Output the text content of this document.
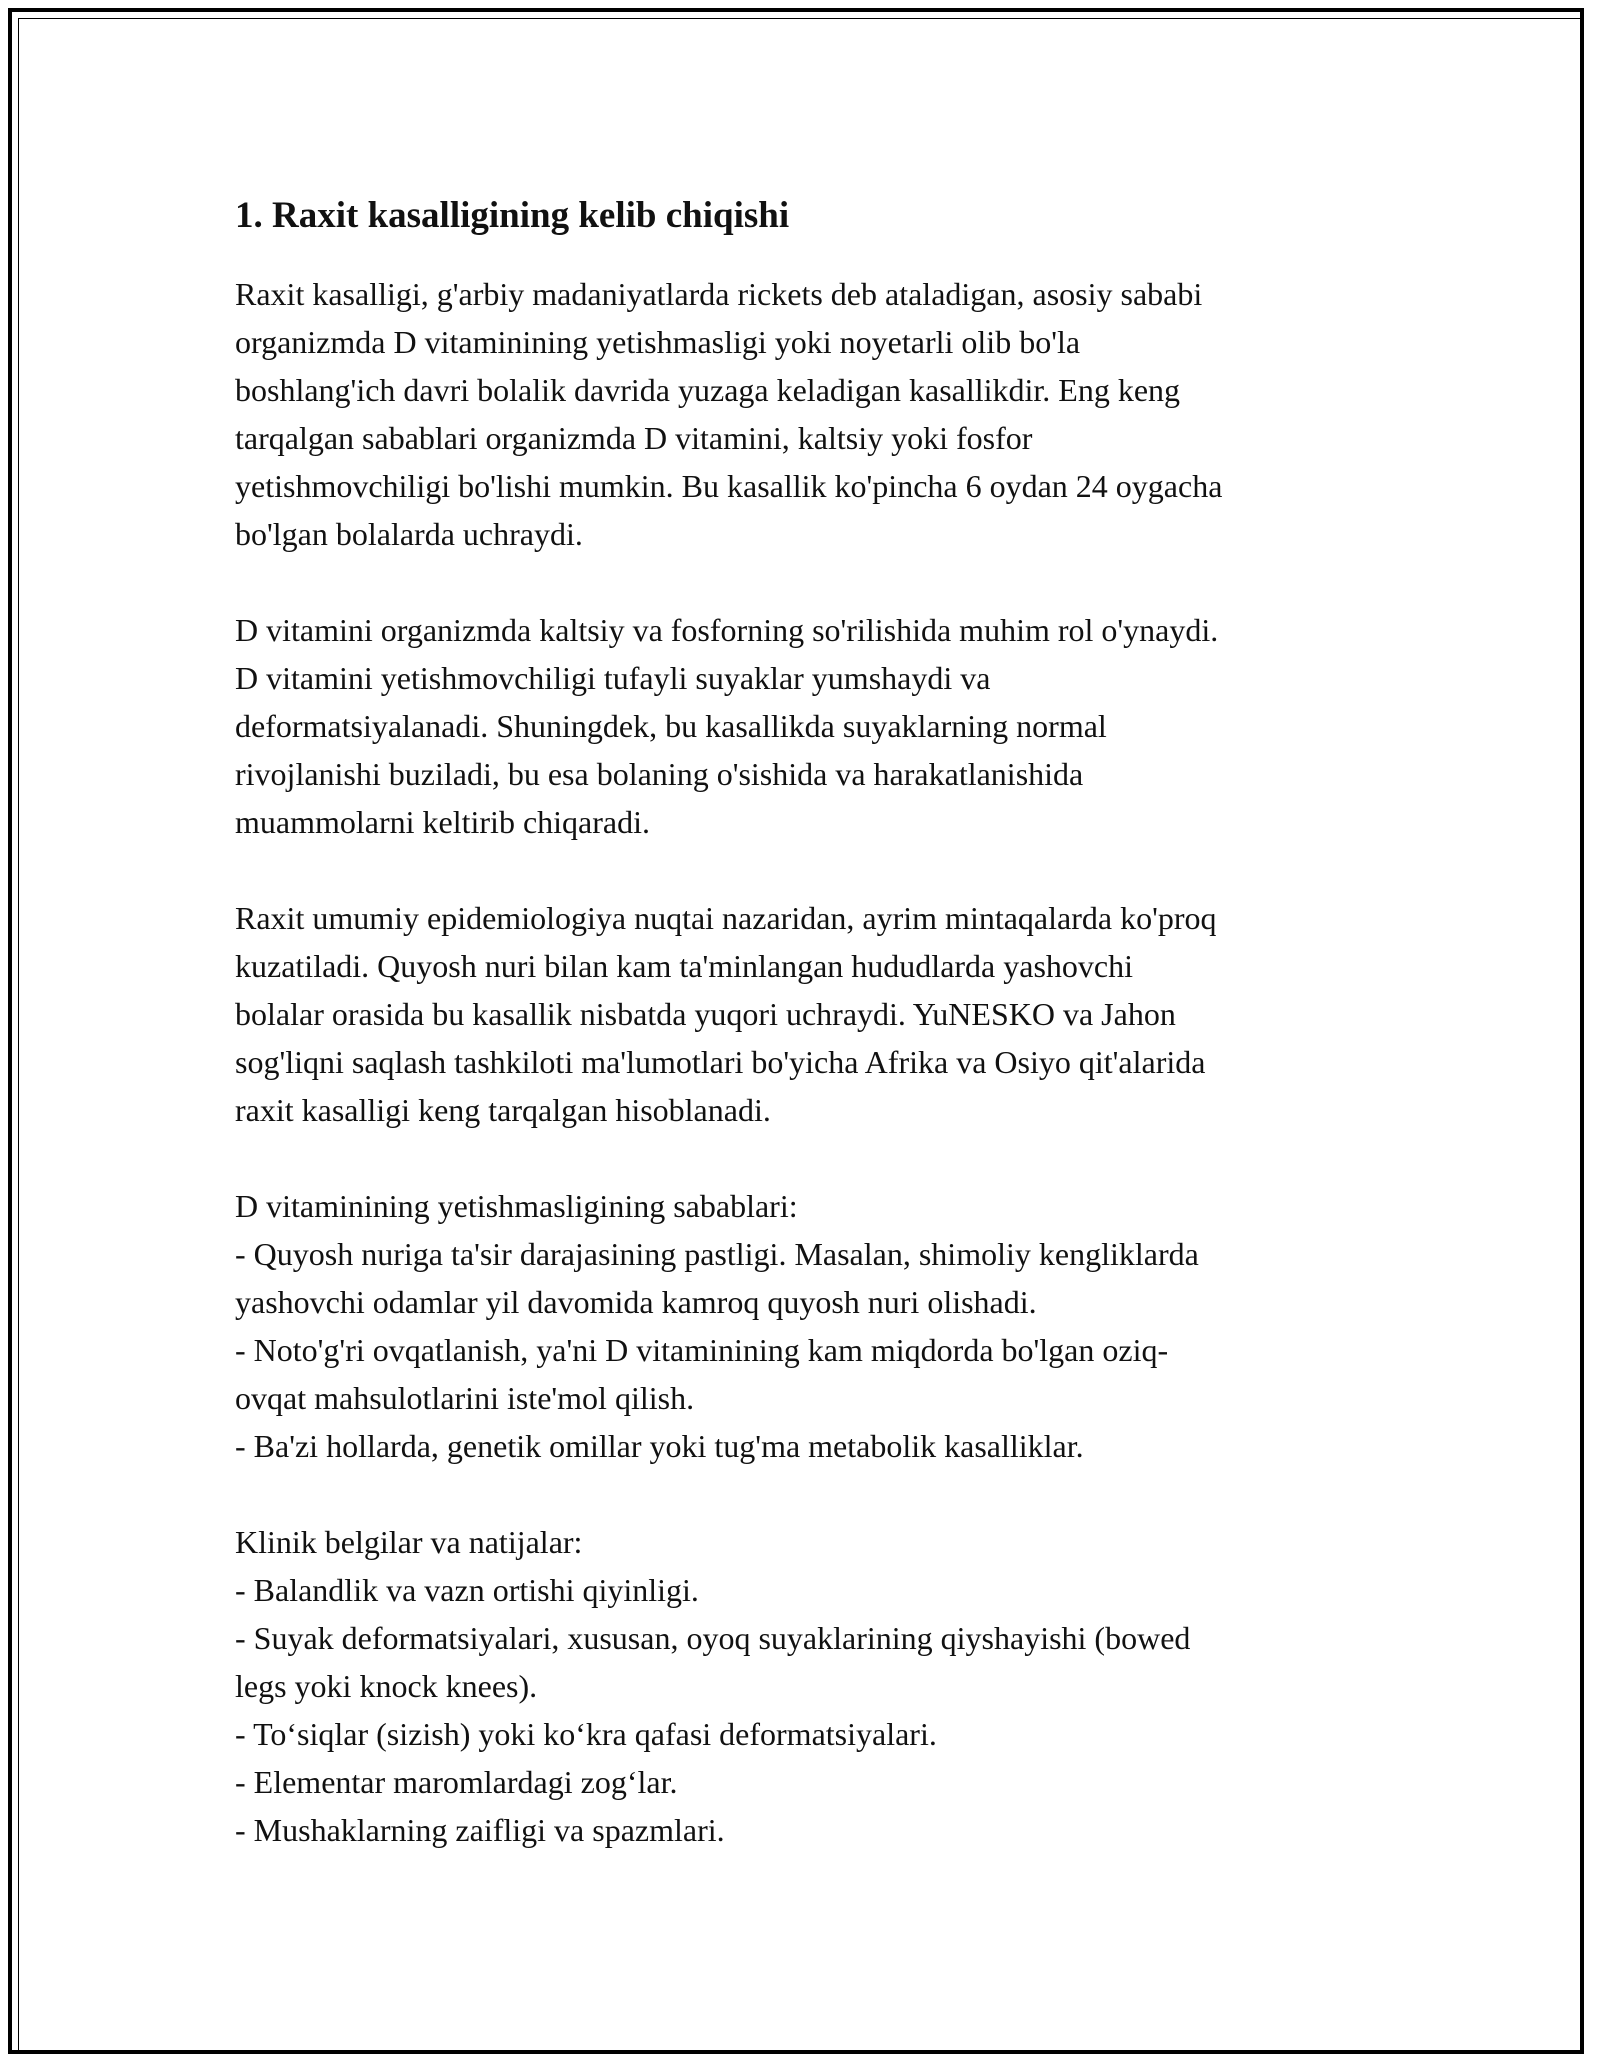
1. Raxit kasalligining kelib chiqishi
Raxit kasalligi, g'arbiy madaniyatlarda rickets deb ataladigan, asosiy sababi
organizmda D vitaminining yetishmasligi yoki noyetarli olib bo'la
boshlang'ich davri bolalik davrida yuzaga keladigan kasallikdir. Eng keng
tarqalgan sabablari organizmda D vitamini, kaltsiy yoki fosfor
yetishmovchiligi bo'lishi mumkin. Bu kasallik ko'pincha 6 oydan 24 oygacha
bo'lgan bolalarda uchraydi.
D vitamini organizmda kaltsiy va fosforning so'rilishida muhim rol o'ynaydi.
D vitamini yetishmovchiligi tufayli suyaklar yumshaydi va
deformatsiyalanadi. Shuningdek, bu kasallikda suyaklarning normal
rivojlanishi buziladi, bu esa bolaning o'sishida va harakatlanishida
muammolarni keltirib chiqaradi.
Raxit umumiy epidemiologiya nuqtai nazaridan, ayrim mintaqalarda ko'proq
kuzatiladi. Quyosh nuri bilan kam ta'minlangan hududlarda yashovchi
bolalar orasida bu kasallik nisbatda yuqori uchraydi. YuNESKO va Jahon
sog'liqni saqlash tashkiloti ma'lumotlari bo'yicha Afrika va Osiyo qit'alarida
raxit kasalligi keng tarqalgan hisoblanadi.
D vitaminining yetishmasligining sabablari:
- Quyosh nuriga ta'sir darajasining pastligi. Masalan, shimoliy kengliklarda
yashovchi odamlar yil davomida kamroq quyosh nuri olishadi.
- Noto'g'ri ovqatlanish, ya'ni D vitaminining kam miqdorda bo'lgan oziq-
ovqat mahsulotlarini iste'mol qilish.
- Ba'zi hollarda, genetik omillar yoki tug'ma metabolik kasalliklar.
Klinik belgilar va natijalar:
- Balandlik va vazn ortishi qiyinligi.
- Suyak deformatsiyalari, xususan, oyoq suyaklarining qiyshayishi (bowed
legs yoki knock knees).
- To‘siqlar (sizish) yoki ko‘kra qafasi deformatsiyalari.
- Elementar maromlardagi zog‘lar.
- Mushaklarning zaifligi va spazmlari.
